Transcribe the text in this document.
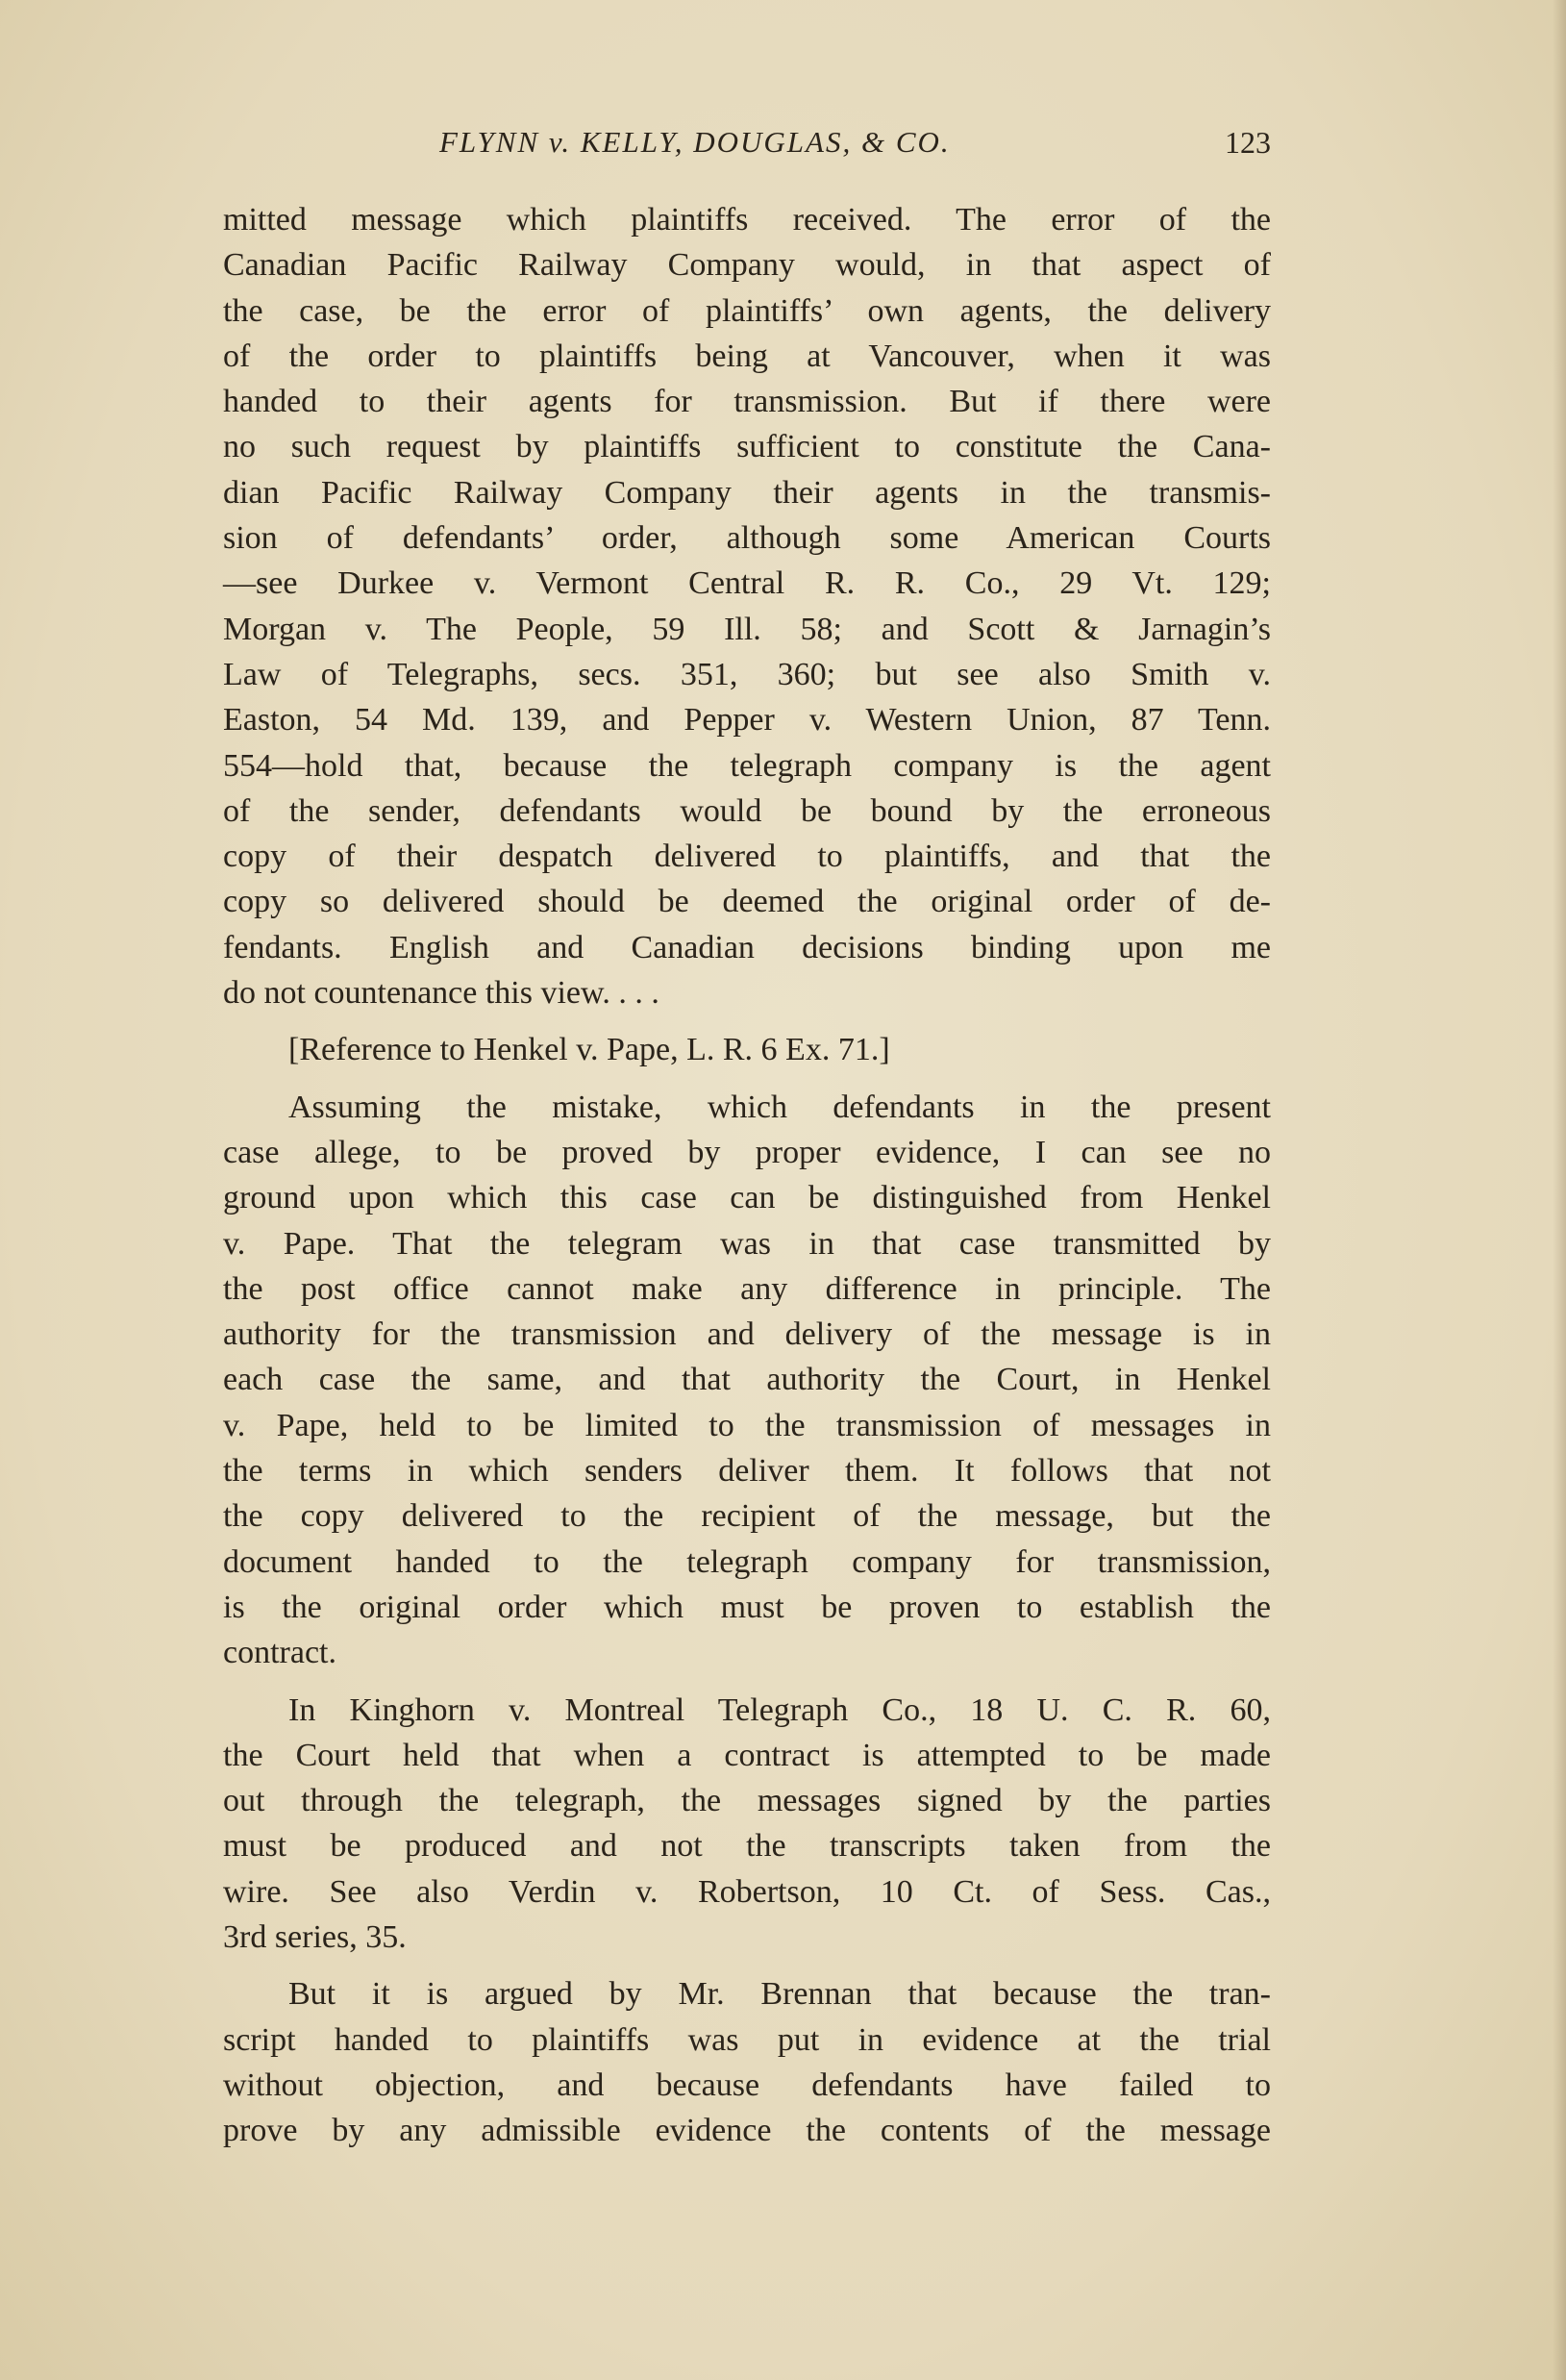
FLYNN v. KELLY, DOUGLAS, & CO.	123
mitted message which plaintiffs received. The error of the
Canadian Pacific Railway Company would, in that aspect of
the case, be the error of plaintiffs’ own agents, the delivery
of the order to plaintiffs being at Vancouver, when it was
handed to their agents for transmission. But if there were
no such request by plaintiffs sufficient to constitute the Cana-
dian Pacific Railway Company their agents in the transmis-
sion of defendants’ order, although some American Courts
—see Durkee v. Vermont Central R. R. Co., 29 Vt. 129;
Morgan v. The People, 59 Ill. 58; and Scott & Jarnagin’s
Law of Telegraphs, secs. 351, 360; but see also Smith v.
Easton, 54 Md. 139, and Pepper v. Western Union, 87 Tenn.
554—hold that, because the telegraph company is the agent
of the sender, defendants would be bound by the erroneous
copy of their despatch delivered to plaintiffs, and that the
copy so delivered should be deemed the original order of de-
fendants. English and Canadian decisions binding upon me
do not countenance this view. . . .
[Reference to Henkel v. Pape, L. R. 6 Ex. 71.]
Assuming the mistake, which defendants in the present
case allege, to be proved by proper evidence, I can see no
ground upon which this case can be distinguished from Henkel
v. Pape. That the telegram was in that case transmitted by
the post office cannot make any difference in principle. The
authority for the transmission and delivery of the message is in
each case the same, and that authority the Court, in Henkel
v. Pape, held to be limited to the transmission of messages in
the terms in which senders deliver them. It follows that not
the copy delivered to the recipient of the message, but the
document handed to the telegraph company for transmission,
is the original order which must be proven to establish the
contract.
In Kinghorn v. Montreal Telegraph Co., 18 U. C. R. 60,
the Court held that when a contract is attempted to be made
out through the telegraph, the messages signed by the parties
must be produced and not the transcripts taken from the
wire. See also Verdin v. Robertson, 10 Ct. of Sess. Cas.,
3rd series, 35.
But it is argued by Mr. Brennan that because the tran-
script handed to plaintiffs was put in evidence at the trial
without objection, and because defendants have failed to
prove by any admissible evidence the contents of the message
